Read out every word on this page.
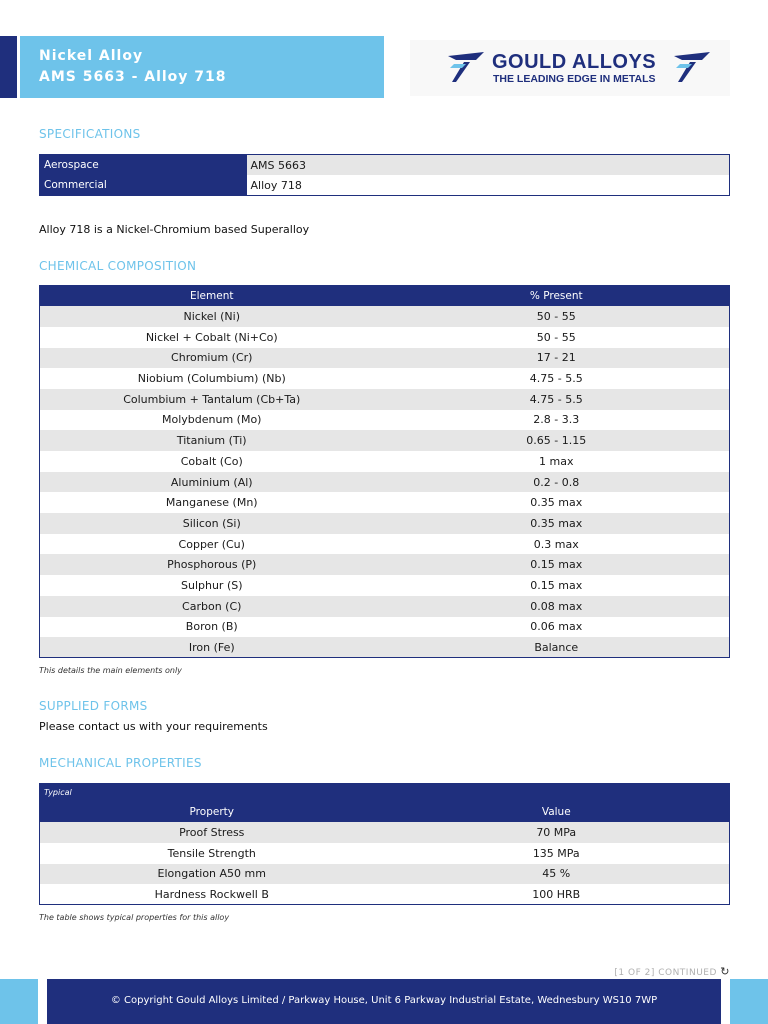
Nickel Alloy
AMS 5663 - Alloy 718
GOULD ALLOYS
THE LEADING EDGE IN METALS
SPECIFICATIONS
Aerospace	AMS 5663
Commercial	Alloy 718
Alloy 718 is a Nickel-Chromium based Superalloy
CHEMICAL COMPOSITION
Element	% Present
Nickel (Ni)	50 - 55
Nickel + Cobalt (Ni+Co)	50 - 55
Chromium (Cr)	17 - 21
Niobium (Columbium) (Nb)	4.75 - 5.5
Columbium + Tantalum (Cb+Ta)	4.75 - 5.5
Molybdenum (Mo)	2.8 - 3.3
Titanium (Ti)	0.65 - 1.15
Cobalt (Co)	1 max
Aluminium (Al)	0.2 - 0.8
Manganese (Mn)	0.35 max
Silicon (Si)	0.35 max
Copper (Cu)	0.3 max
Phosphorous (P)	0.15 max
Sulphur (S)	0.15 max
Carbon (C)	0.08 max
Boron (B)	0.06 max
Iron (Fe)	Balance
This details the main elements only
SUPPLIED FORMS
Please contact us with your requirements
MECHANICAL PROPERTIES
Typical	
Property	Value
Proof Stress	70 MPa
Tensile Strength	135 MPa
Elongation A50 mm	45 %
Hardness Rockwell B	100 HRB
The table shows typical properties for this alloy
[1 OF 2] CONTINUED ↻
© Copyright Gould Alloys Limited / Parkway House, Unit 6 Parkway Industrial Estate, Wednesbury WS10 7WP
